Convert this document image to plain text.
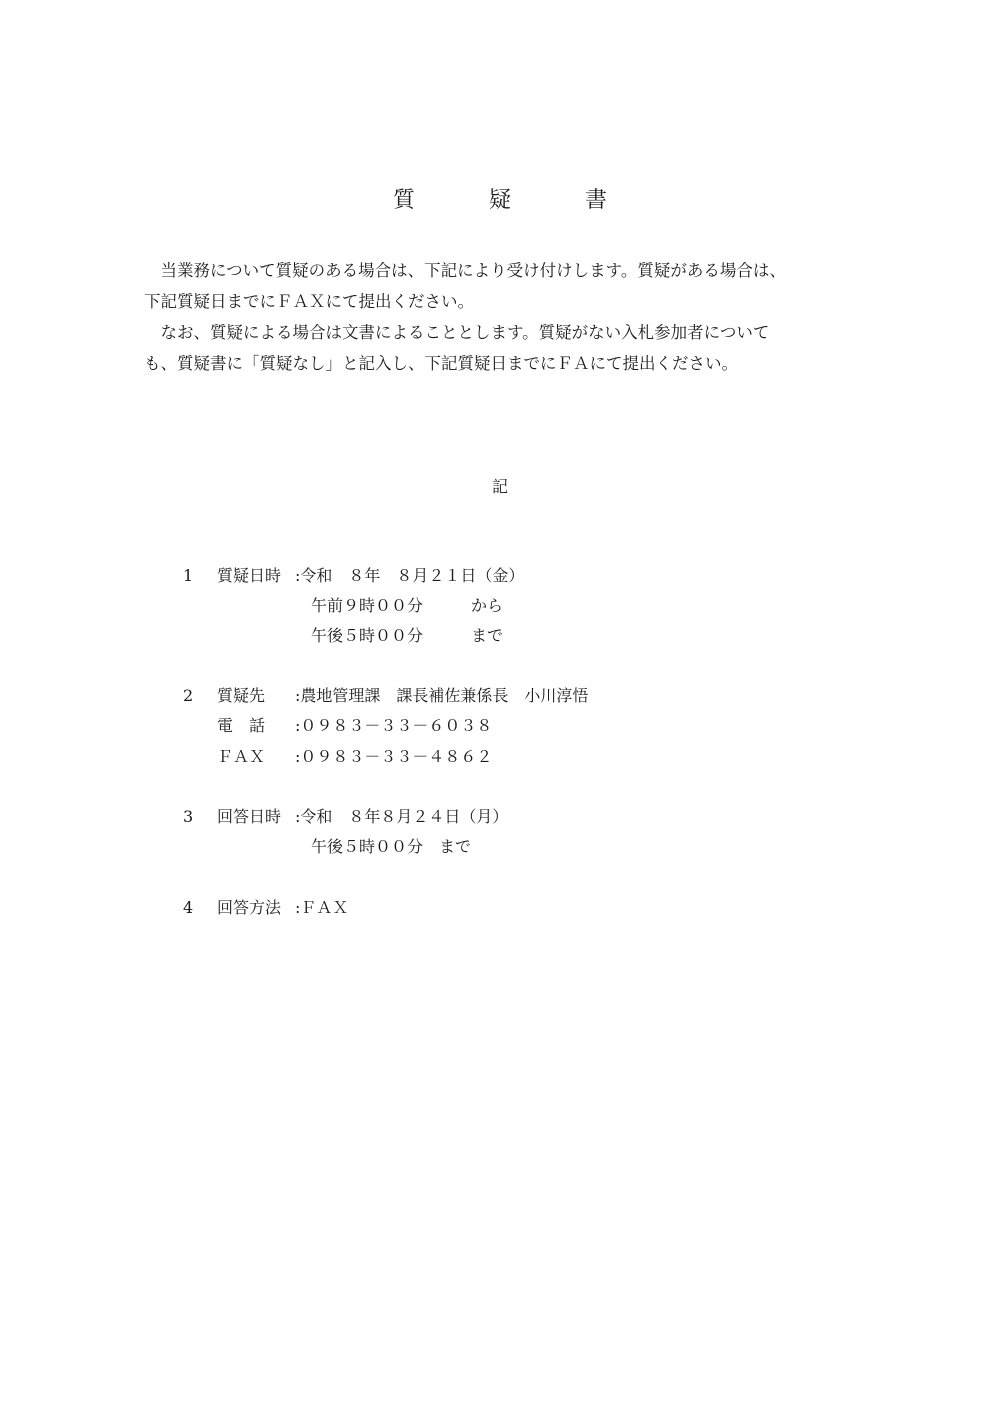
質　疑　書
　当業務について質疑のある場合は、下記により受け付けします。質疑がある場合は、
下記質疑日までにＦＡＸにて提出ください。
　なお、質疑による場合は文書によることとします。質疑がない入札参加者について
も、質疑書に「質疑なし」と記入し、下記質疑日までにＦＡにて提出ください。
記
1 質疑日時 :令和　８年　８月２１日（金）
　午前９時００分　　　から
　午後５時００分　　　まで
2 質疑先 :農地管理課　課長補佐兼係長　小川淳悟
電　話 :０９８３－３３－６０３８
ＦＡＸ :０９８３－３３－４８６２
3 回答日時 :令和　８年８月２４日（月）
　午後５時００分　まで
4 回答方法 :ＦＡＸ
